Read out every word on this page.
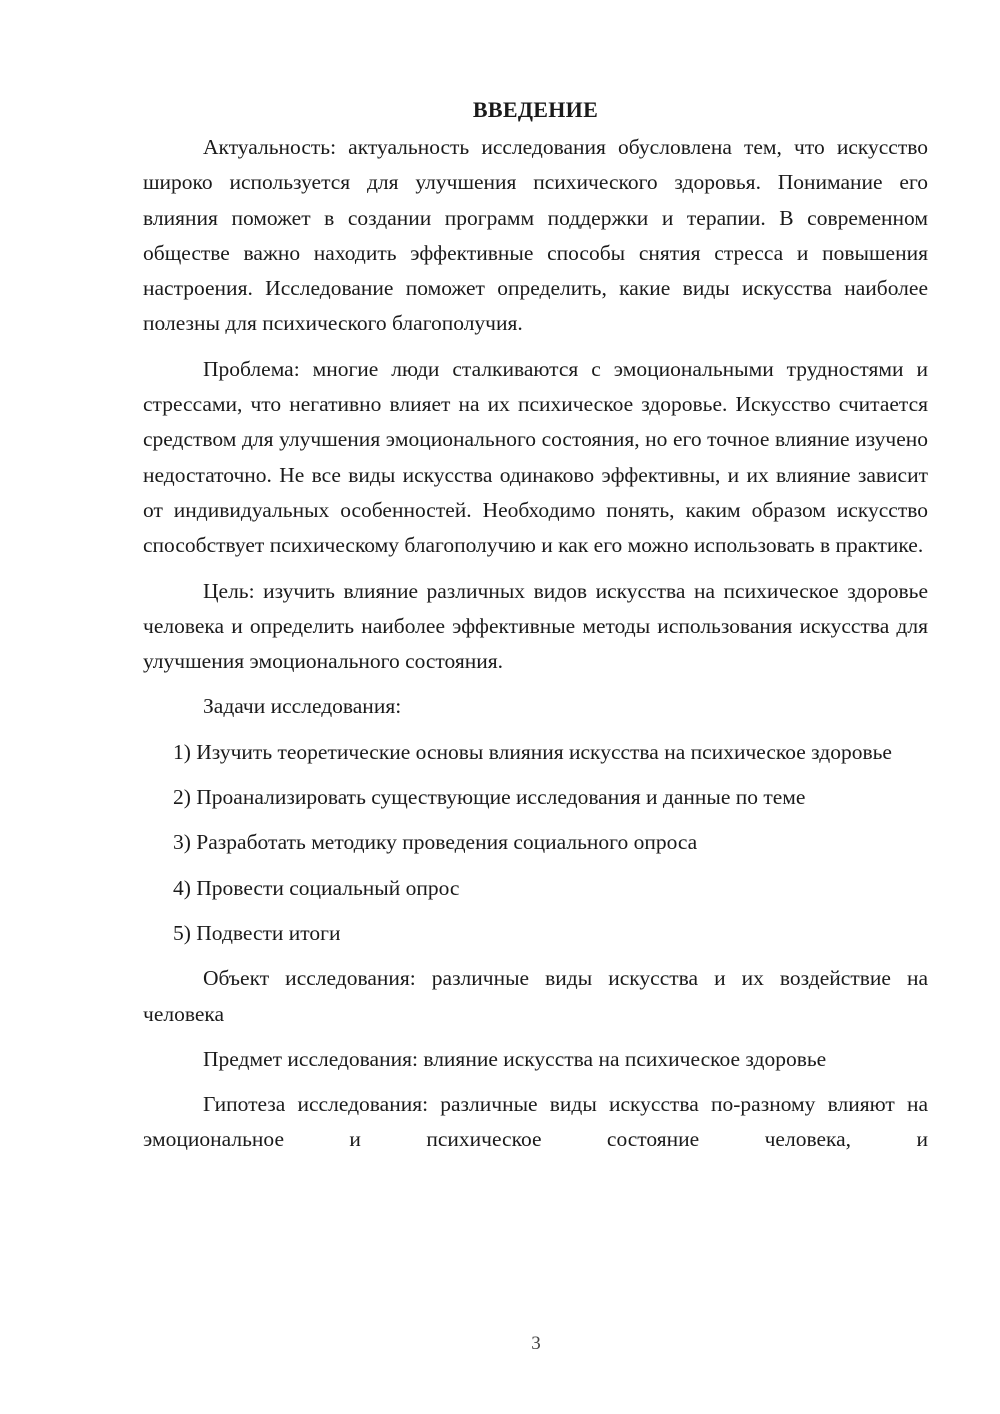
ВВЕДЕНИЕ

Актуальность: актуальность исследования обусловлена тем, что искусство широко используется для улучшения психического здоровья. Понимание его влияния поможет в создании программ поддержки и терапии. В современном обществе важно находить эффективные способы снятия стресса и повышения настроения. Исследование поможет определить, какие виды искусства наиболее полезны для психического благополучия.

Проблема: многие люди сталкиваются с эмоциональными трудностями и стрессами, что негативно влияет на их психическое здоровье. Искусство считается средством для улучшения эмоционального состояния, но его точное влияние изучено недостаточно. Не все виды искусства одинаково эффективны, и их влияние зависит от индивидуальных особенностей. Необходимо понять, каким образом искусство способствует психическому благополучию и как его можно использовать в практике.

Цель: изучить влияние различных видов искусства на психическое здоровье человека и определить наиболее эффективные методы использования искусства для улучшения эмоционального состояния.

Задачи исследования:

1) Изучить теоретические основы влияния искусства на психическое здоровье

2) Проанализировать существующие исследования и данные по теме

3) Разработать методику проведения социального опроса

4) Провести социальный опрос

5) Подвести итоги

Объект исследования: различные виды искусства и их воздействие на человека

Предмет исследования: влияние искусства на психическое здоровье

Гипотеза исследования: различные виды искусства по-разному влияют на эмоциональное и психическое состояние человека, и

3
